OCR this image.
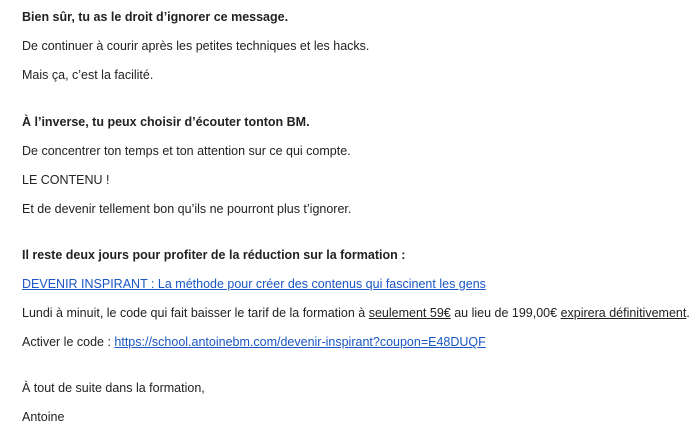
Bien sûr, tu as le droit d’ignorer ce message.
De continuer à courir après les petites techniques et les hacks.
Mais ça, c’est la facilité.
À l’inverse, tu peux choisir d’écouter tonton BM.
De concentrer ton temps et ton attention sur ce qui compte.
LE CONTENU !
Et de devenir tellement bon qu’ils ne pourront plus t’ignorer.
Il reste deux jours pour profiter de la réduction sur la formation :
DEVENIR INSPIRANT : La méthode pour créer des contenus qui fascinent les gens
Lundi à minuit, le code qui fait baisser le tarif de la formation à seulement 59€ au lieu de 199,00€ expirera définitivement.
Activer le code : https://school.antoinebm.com/devenir-inspirant?coupon=E48DUQF
À tout de suite dans la formation,
Antoine
